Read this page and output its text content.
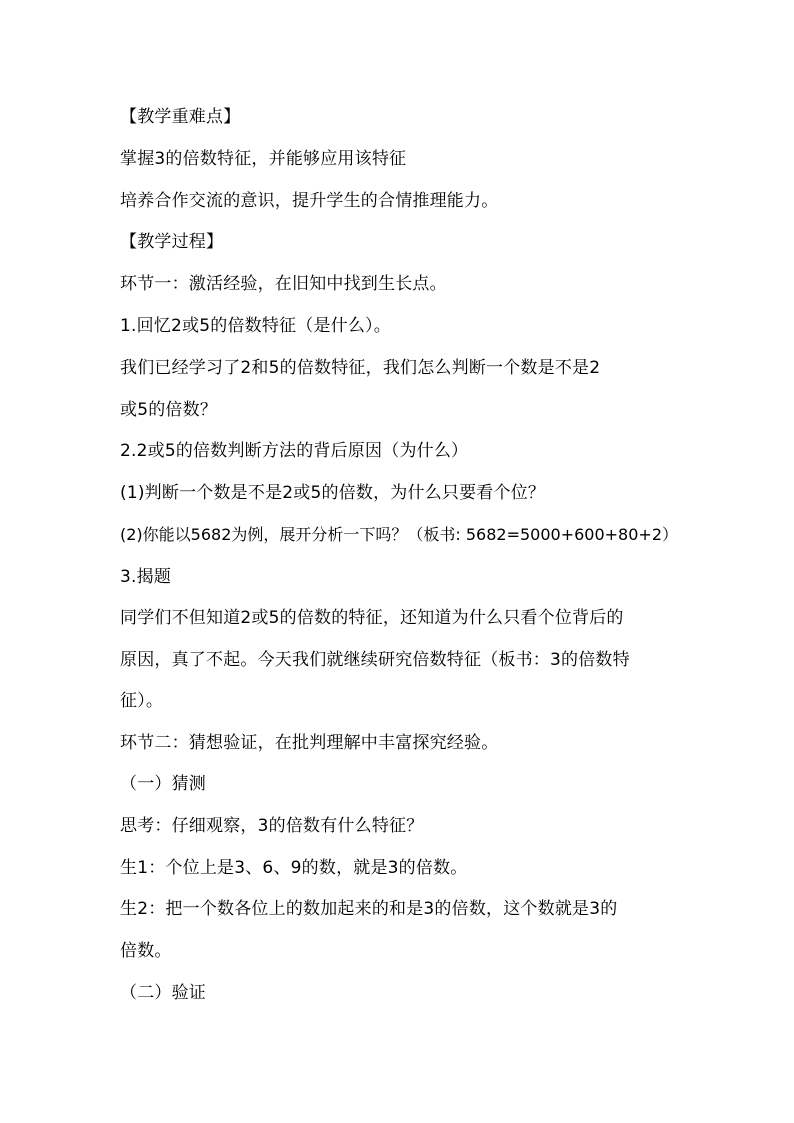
【教学重难点】
掌握3的倍数特征，并能够应用该特征
培养合作交流的意识，提升学生的合情推理能力。
【教学过程】
环节一：激活经验，在旧知中找到生长点。
1.回忆2或5的倍数特征（是什么）。
我们已经学习了2和5的倍数特征，我们怎么判断一个数是不是2
或5的倍数？
2.2或5的倍数判断方法的背后原因（为什么）
(1)判断一个数是不是2或5的倍数，为什么只要看个位？
(2)你能以5682为例，展开分析一下吗？（板书: 5682=5000+600+80+2）
3.揭题
同学们不但知道2或5的倍数的特征，还知道为什么只看个位背后的
原因，真了不起。今天我们就继续研究倍数特征（板书：3的倍数特
征）。
环节二：猜想验证，在批判理解中丰富探究经验。
（一）猜测
思考：仔细观察，3的倍数有什么特征？
生1：个位上是3、6、9的数，就是3的倍数。
生2：把一个数各位上的数加起来的和是3的倍数，这个数就是3的
倍数。
（二）验证
